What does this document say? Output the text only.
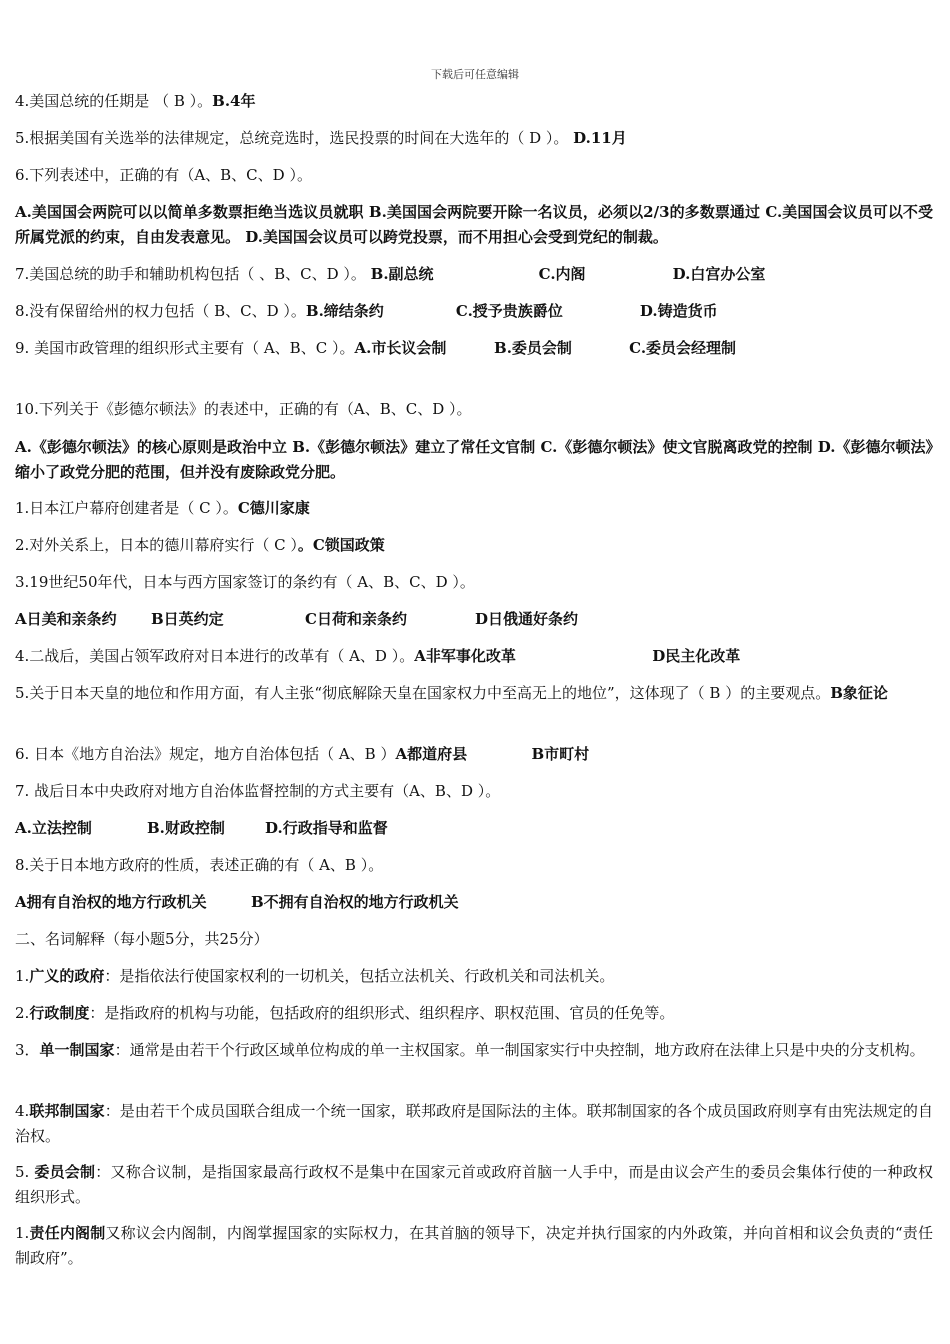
下载后可任意编辑
4.美国总统的任期是 （ B ）。B.4年
5.根据美国有关选举的法律规定，总统竞选时，选民投票的时间在大选年的（ D ）。 D.11月
6.下列表述中，正确的有（A、B、C、D ）。
A.美国国会两院可以以简单多数票拒绝当选议员就职 B.美国国会两院要开除一名议员，必须以2/3的多数票通过 C.美国国会议员可以不受所属党派的约束，自由发表意见。 D.美国国会议员可以跨党投票，而不用担心会受到党纪的制裁。
7.美国总统的助手和辅助机构包括（ 、B、C、D ）。 B.副总统	C.内阁	D.白宫办公室
8.没有保留给州的权力包括（ B、C、D ）。B.缔结条约	C.授予贵族爵位	D.铸造货币
9. 美国市政管理的组织形式主要有（ A、B、C ）。A.市长议会制	B.委员会制	C.委员会经理制
10.下列关于《彭德尔顿法》的表述中，正确的有（A、B、C、D ）。
A.《彭德尔顿法》的核心原则是政治中立 B.《彭德尔顿法》建立了常任文官制 C.《彭德尔顿法》使文官脱离政党的控制 D.《彭德尔顿法》缩小了政党分肥的范围，但并没有废除政党分肥。
1.日本江户幕府创建者是（ C ）。C德川家康
2.对外关系上，日本的德川幕府实行（ C ）。C锁国政策
3.19世纪50年代，日本与西方国家签订的条约有（ A、B、C、D ）。
A日美和亲条约 B日英约定	C日荷和亲条约	D日俄通好条约
4.二战后，美国占领军政府对日本进行的改革有（ A、D ）。A非军事化改革	D民主化改革
5.关于日本天皇的地位和作用方面，有人主张“彻底解除天皇在国家权力中至高无上的地位”，这体现了（ B ）的主要观点。B象征论
6. 日本《地方自治法》规定，地方自治体包括（ A、B ）A都道府县	B市町村
7. 战后日本中央政府对地方自治体监督控制的方式主要有（A、B、D ）。
A.立法控制	B.财政控制	D.行政指导和监督
8.关于日本地方政府的性质，表述正确的有（ A、B ）。
A拥有自治权的地方行政机关	B不拥有自治权的地方行政机关
二、名词解释（每小题5分，共25分）
1.广义的政府：是指依法行使国家权利的一切机关，包括立法机关、行政机关和司法机关。
2.行政制度：是指政府的机构与功能，包括政府的组织形式、组织程序、职权范围、官员的任免等。
3．单一制国家：通常是由若干个行政区域单位构成的单一主权国家。单一制国家实行中央控制，地方政府在法律上只是中央的分支机构。
4.联邦制国家：是由若干个成员国联合组成一个统一国家，联邦政府是国际法的主体。联邦制国家的各个成员国政府则享有由宪法规定的自治权。
5. 委员会制：又称合议制，是指国家最高行政权不是集中在国家元首或政府首脑一人手中，而是由议会产生的委员会集体行使的一种政权组织形式。
1.责任内阁制又称议会内阁制，内阁掌握国家的实际权力，在其首脑的领导下，决定并执行国家的内外政策，并向首相和议会负责的“责任制政府”。
